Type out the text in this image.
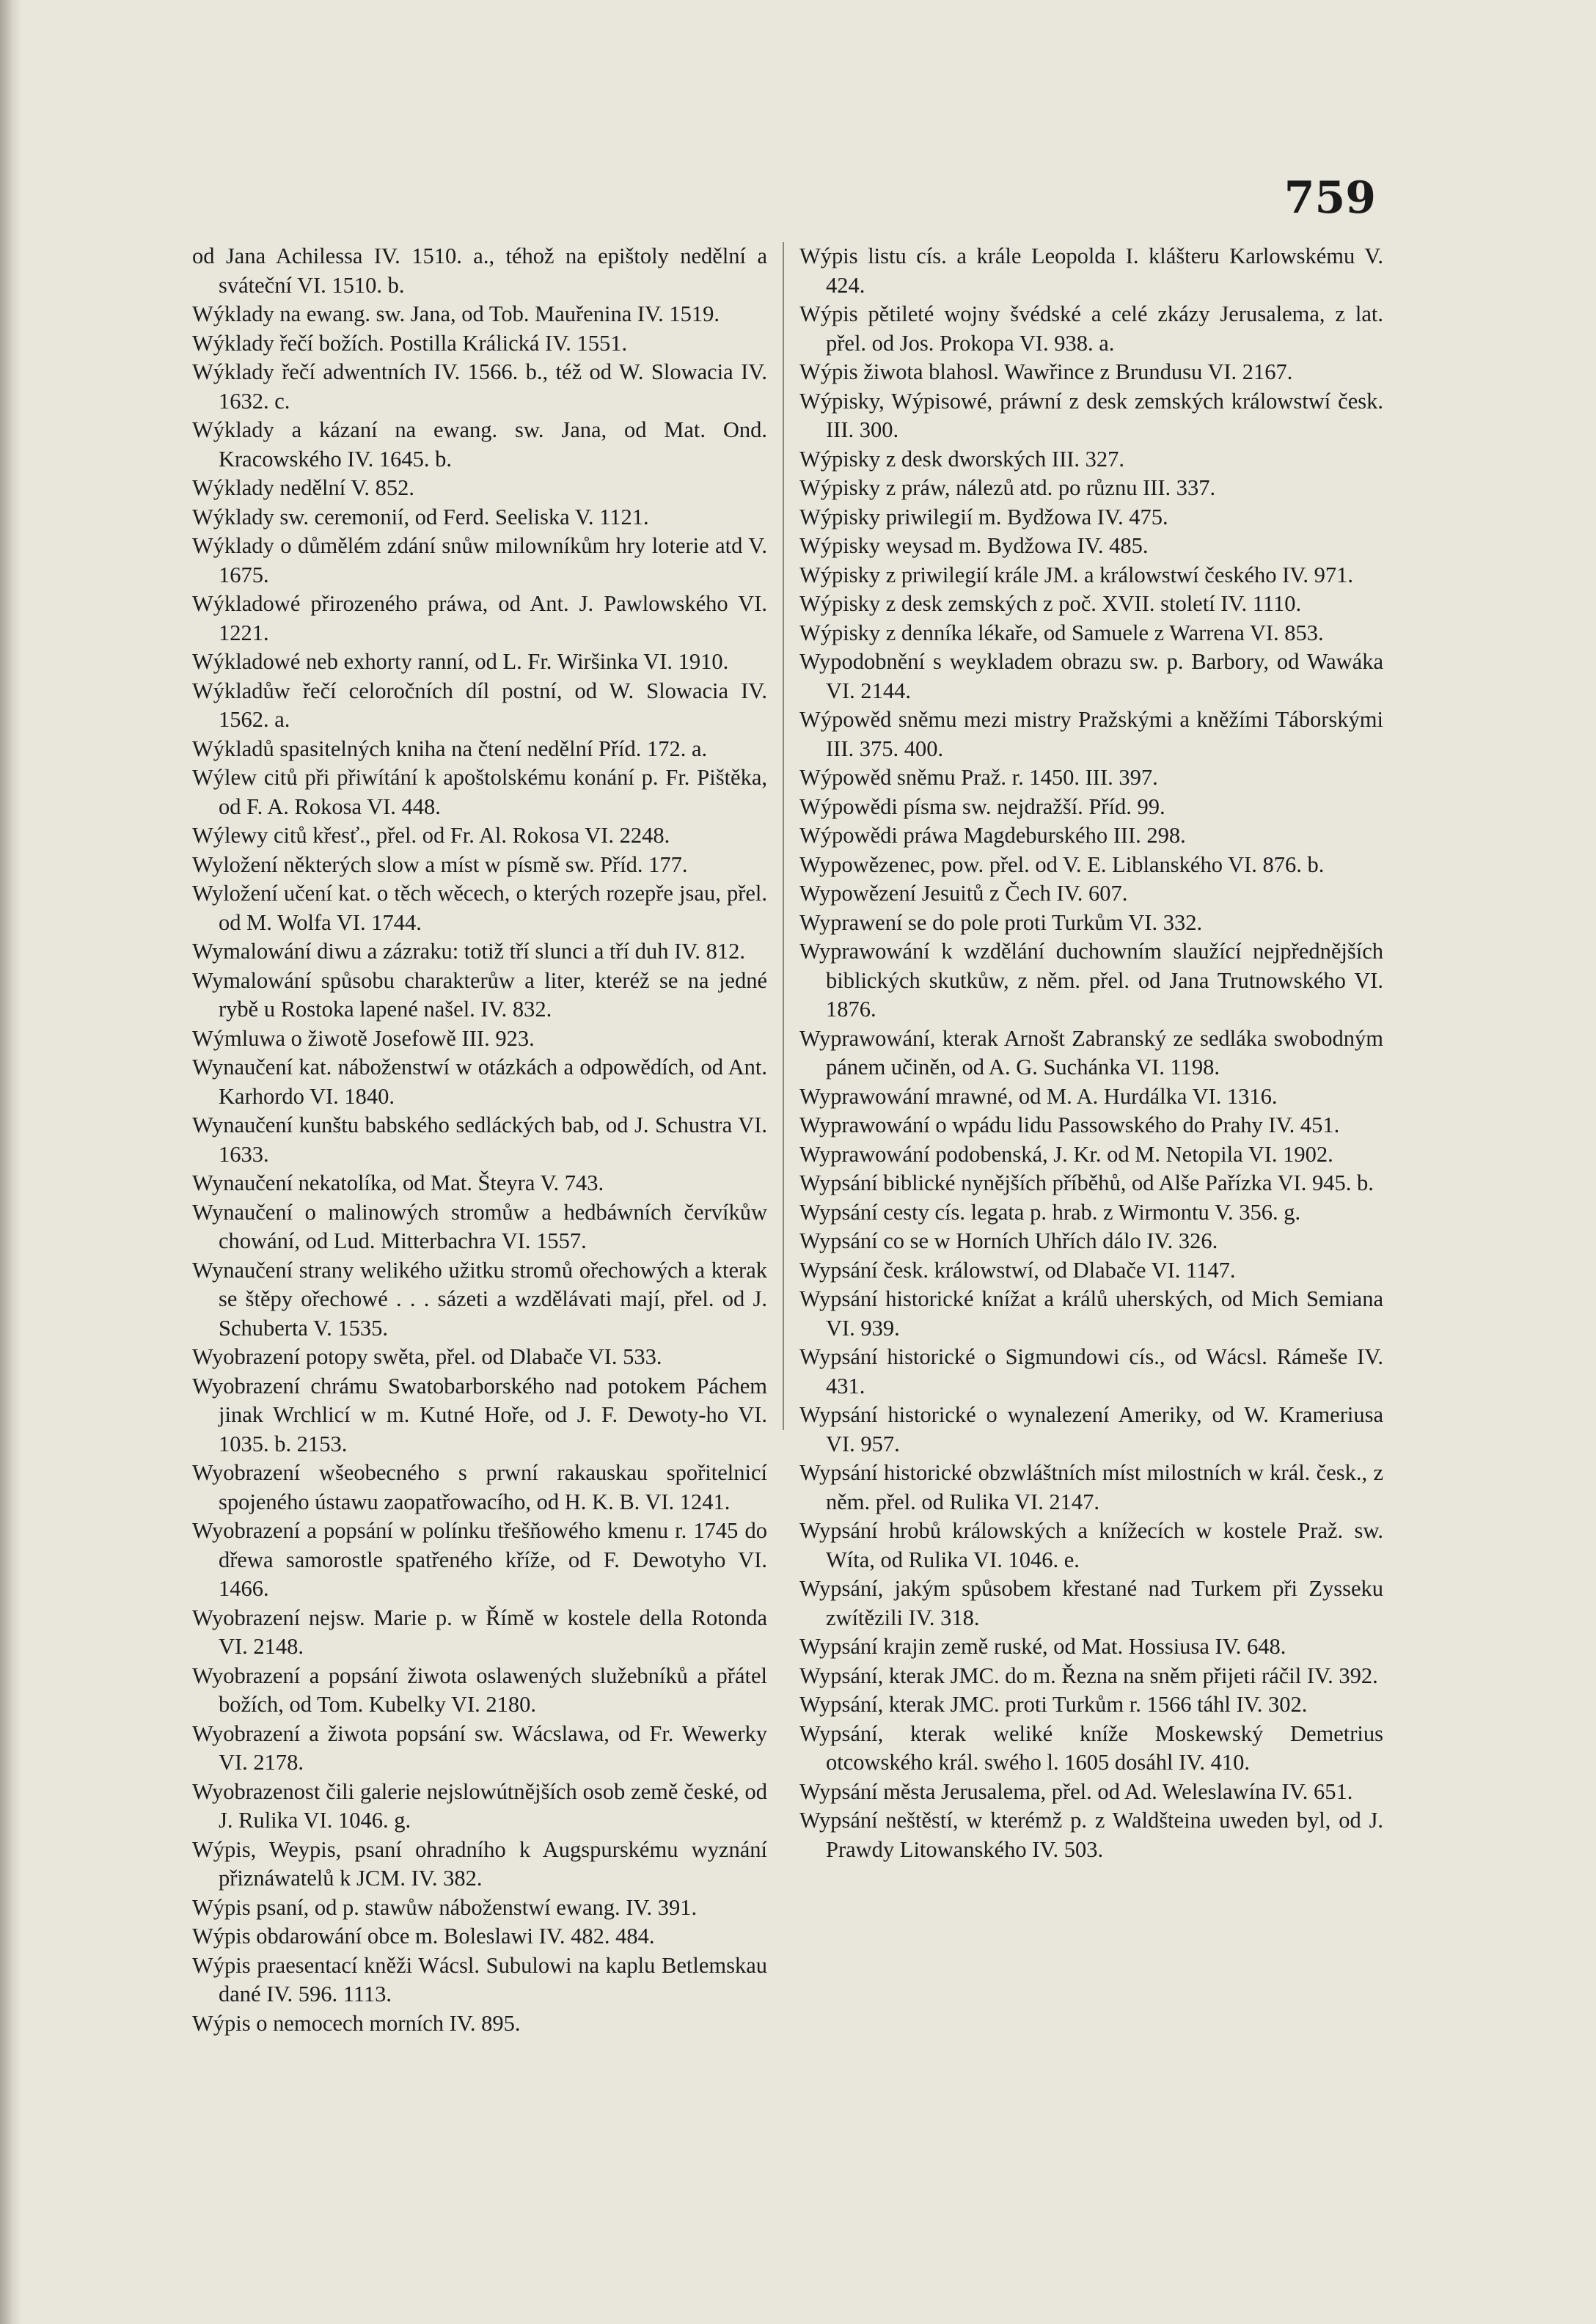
759

od Jana Achilessa IV. 1510. a., téhož na epištoly nedělní a sváteční VI. 1510. b.

Wýklady na ewang. sw. Jana, od Tob. Mauřenina IV. 1519.

Wýklady řečí božích. Postilla Králická IV. 1551.

Wýklady řečí adwentních IV. 1566. b., též od W. Slowacia IV. 1632. c.

Wýklady a kázaní na ewang. sw. Jana, od Mat. Ond. Kracowského IV. 1645. b.

Wýklady nedělní V. 852.

Wýklady sw. ceremonií, od Ferd. Seeliska V. 1121.

Wýklady o důmělém zdání snůw milowníkům hry loterie atd V. 1675.

Wýkladowé přirozeného práwa, od Ant. J. Pawlowského VI. 1221.

Wýkladowé neb exhorty ranní, od L. Fr. Wiršinka VI. 1910.

Wýkladůw řečí celoročních díl postní, od W. Slowacia IV. 1562. a.

Wýkladů spasitelných kniha na čtení nedělní Příd. 172. a.

Wýlew citů při přiwítání k apoštolskému konání p. Fr. Pištěka, od F. A. Rokosa VI. 448.

Wýlewy citů křesť., přel. od Fr. Al. Rokosa VI. 2248.

Wyložení některých slow a míst w písmě sw. Příd. 177.

Wyložení učení kat. o těch wěcech, o kterých rozepře jsau, přel. od M. Wolfa VI. 1744.

Wymalowání diwu a zázraku: totiž tří slunci a tří duh IV. 812.

Wymalowání spůsobu charakterůw a liter, kteréž se na jedné rybě u Rostoka lapené našel. IV. 832.

Wýmluwa o žiwotě Josefowě III. 923.

Wynaučení kat. náboženstwí w otázkách a odpowědích, od Ant. Karhordo VI. 1840.

Wynaučení kunštu babského sedláckých bab, od J. Schustra VI. 1633.

Wynaučení nekatolíka, od Mat. Šteyra V. 743.

Wynaučení o malinowých stromůw a hedbáwních červíkůw chowání, od Lud. Mitterbachra VI. 1557.

Wynaučení strany welikého užitku stromů ořechowých a kterak se štěpy ořechowé . . . sázeti a wzdělávati mají, přel. od J. Schuberta V. 1535.

Wyobrazení potopy swěta, přel. od Dlabače VI. 533.

Wyobrazení chrámu Swatobarborského nad potokem Páchem jinak Wrchlicí w m. Kutné Hoře, od J. F. Dewoty-ho VI. 1035. b. 2153.

Wyobrazení wšeobecného s prwní rakauskau spořitelnicí spojeného ústawu zaopatřowacího, od H. K. B. VI. 1241.

Wyobrazení a popsání w polínku třešňowého kmenu r. 1745 do dřewa samorostle spatřeného kříže, od F. Dewotyho VI. 1466.

Wyobrazení nejsw. Marie p. w Římě w kostele della Rotonda VI. 2148.

Wyobrazení a popsání žiwota oslawených služebníků a přátel božích, od Tom. Kubelky VI. 2180.

Wyobrazení a žiwota popsání sw. Wácslawa, od Fr. Wewerky VI. 2178.

Wyobrazenost čili galerie nejslowútnějších osob země české, od J. Rulika VI. 1046. g.

Wýpis, Weypis, psaní ohradního k Augspurskému wyznání přiznáwatelů k JCM. IV. 382.

Wýpis psaní, od p. stawůw náboženstwí ewang. IV. 391.

Wýpis obdarowání obce m. Boleslawi IV. 482. 484.

Wýpis praesentací kněži Wácsl. Subulowi na kaplu Betlemskau dané IV. 596. 1113.

Wýpis o nemocech morních IV. 895.

Wýpis listu cís. a krále Leopolda I. klášteru Karlowskému V. 424.

Wýpis pětileté wojny švédské a celé zkázy Jerusalema, z lat. přel. od Jos. Prokopa VI. 938. a.

Wýpis žiwota blahosl. Wawřince z Brundusu VI. 2167.

Wýpisky, Wýpisowé, práwní z desk zemských králowstwí česk. III. 300.

Wýpisky z desk dworských III. 327.

Wýpisky z práw, nálezů atd. po různu III. 337.

Wýpisky priwilegií m. Bydžowa IV. 475.

Wýpisky weysad m. Bydžowa IV. 485.

Wýpisky z priwilegií krále JM. a králowstwí českého IV. 971.

Wýpisky z desk zemských z poč. XVII. století IV. 1110.

Wýpisky z denníka lékaře, od Samuele z Warrena VI. 853.

Wypodobnění s weykladem obrazu sw. p. Barbory, od Wawáka VI. 2144.

Wýpowěd sněmu mezi mistry Pražskými a kněžími Táborskými III. 375. 400.

Wýpowěd sněmu Praž. r. 1450. III. 397.

Wýpowědi písma sw. nejdražší. Příd. 99.

Wýpowědi práwa Magdeburského III. 298.

Wypowězenec, pow. přel. od V. E. Liblanského VI. 876. b.

Wypowězení Jesuitů z Čech IV. 607.

Wyprawení se do pole proti Turkům VI. 332.

Wyprawowání k wzdělání duchowním slaužící nejpřednějších biblických skutkůw, z něm. přel. od Jana Trutnowského VI. 1876.

Wyprawowání, kterak Arnošt Zabranský ze sedláka swobodným pánem učiněn, od A. G. Suchánka VI. 1198.

Wyprawowání mrawné, od M. A. Hurdálka VI. 1316.

Wyprawowání o wpádu lidu Passowského do Prahy IV. 451.

Wyprawowání podobenská, J. Kr. od M. Netopila VI. 1902.

Wypsání biblické nynějších příběhů, od Alše Pařízka VI. 945. b.

Wypsání cesty cís. legata p. hrab. z Wirmontu V. 356. g.

Wypsání co se w Horních Uhřích dálo IV. 326.

Wypsání česk. králowstwí, od Dlabače VI. 1147.

Wypsání historické knížat a králů uherských, od Mich Semiana VI. 939.

Wypsání historické o Sigmundowi cís., od Wácsl. Rámeše IV. 431.

Wypsání historické o wynalezení Ameriky, od W. Krameriusa VI. 957.

Wypsání historické obzwláštních míst milostních w král. česk., z něm. přel. od Rulika VI. 2147.

Wypsání hrobů králowských a knížecích w kostele Praž. sw. Wíta, od Rulika VI. 1046. e.

Wypsání, jakým spůsobem křestané nad Turkem při Zysseku zwítězili IV. 318.

Wypsání krajin země ruské, od Mat. Hossiusa IV. 648.

Wypsání, kterak JMC. do m. Řezna na sněm přijeti ráčil IV. 392.

Wypsání, kterak JMC. proti Turkům r. 1566 táhl IV. 302.

Wypsání, kterak weliké kníže Moskewský Demetrius otcowského král. swého l. 1605 dosáhl IV. 410.

Wypsání města Jerusalema, přel. od Ad. Weleslawína IV. 651.

Wypsání neštěstí, w kterémž p. z Waldšteina uweden byl, od J. Prawdy Litowanského IV. 503.
